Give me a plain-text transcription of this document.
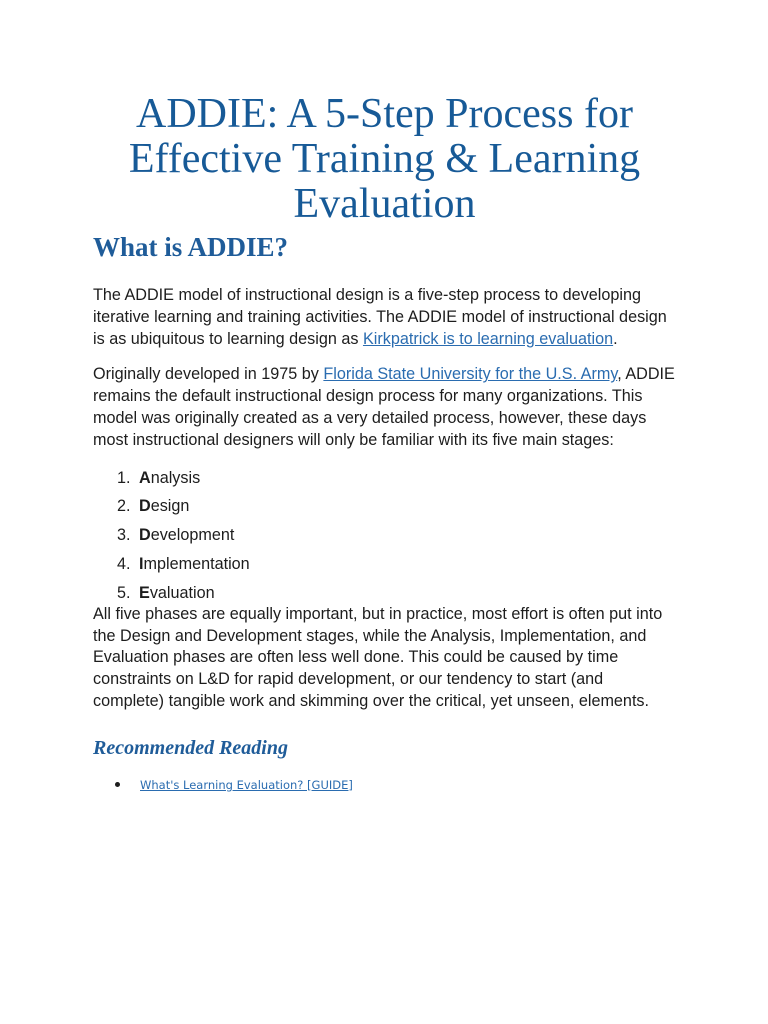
ADDIE: A 5-Step Process for Effective Training & Learning Evaluation
What is ADDIE?

The ADDIE model of instructional design is a five-step process to developing iterative learning and training activities. The ADDIE model of instructional design is as ubiquitous to learning design as Kirkpatrick is to learning evaluation.

Originally developed in 1975 by Florida State University for the U.S. Army, ADDIE remains the default instructional design process for many organizations. This model was originally created as a very detailed process, however, these days most instructional designers will only be familiar with its five main stages:

1. Analysis
2. Design
3. Development
4. Implementation
5. Evaluation

All five phases are equally important, but in practice, most effort is often put into the Design and Development stages, while the Analysis, Implementation, and Evaluation phases are often less well done. This could be caused by time constraints on L&D for rapid development, or our tendency to start (and complete) tangible work and skimming over the critical, yet unseen, elements.

Recommended Reading
What's Learning Evaluation? [GUIDE]
